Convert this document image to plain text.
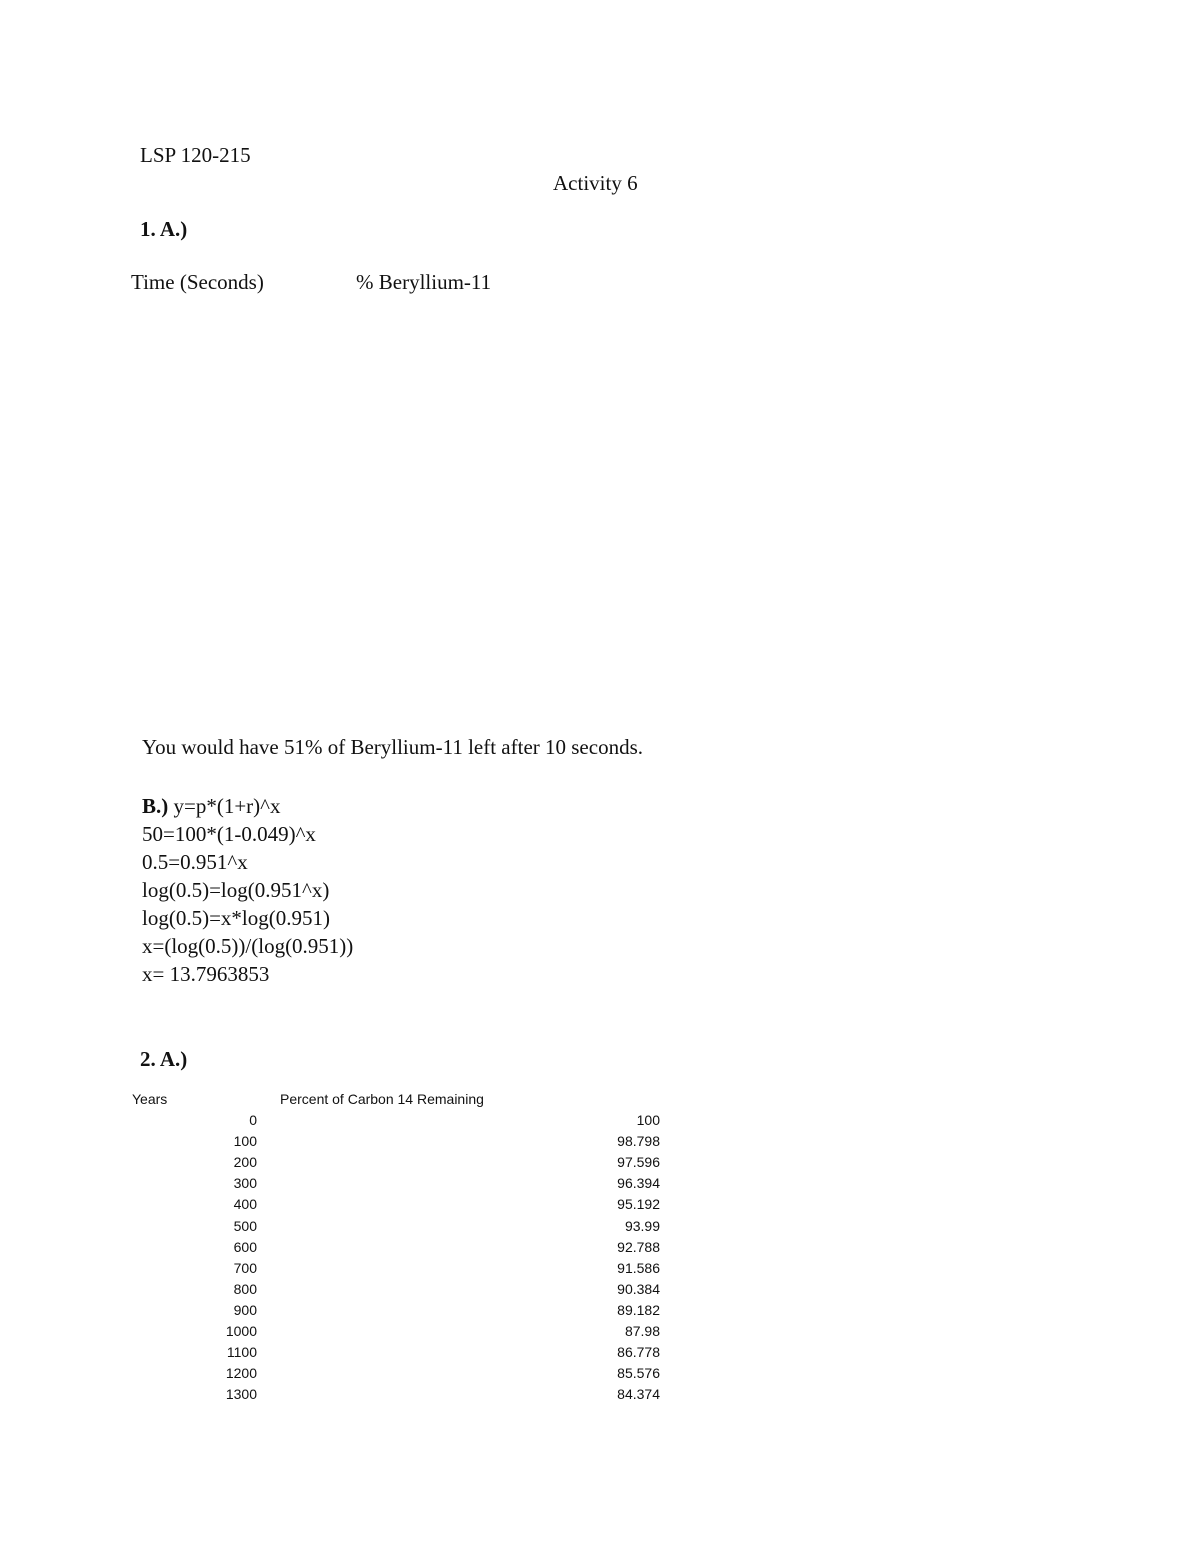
LSP 120-215
Activity 6
1. A.)
Time (Seconds)	% Beryllium-11
You would have 51% of Beryllium-11 left after 10 seconds.
B.) y=p*(1+r)^x
50=100*(1-0.049)^x
0.5=0.951^x
log(0.5)=log(0.951^x)
log(0.5)=x*log(0.951)
x=(log(0.5))/(log(0.951))
x= 13.7963853
2. A.)
Years	Percent of Carbon 14 Remaining
0	100
100	98.798
200	97.596
300	96.394
400	95.192
500	93.99
600	92.788
700	91.586
800	90.384
900	89.182
1000	87.98
1100	86.778
1200	85.576
1300	84.374
